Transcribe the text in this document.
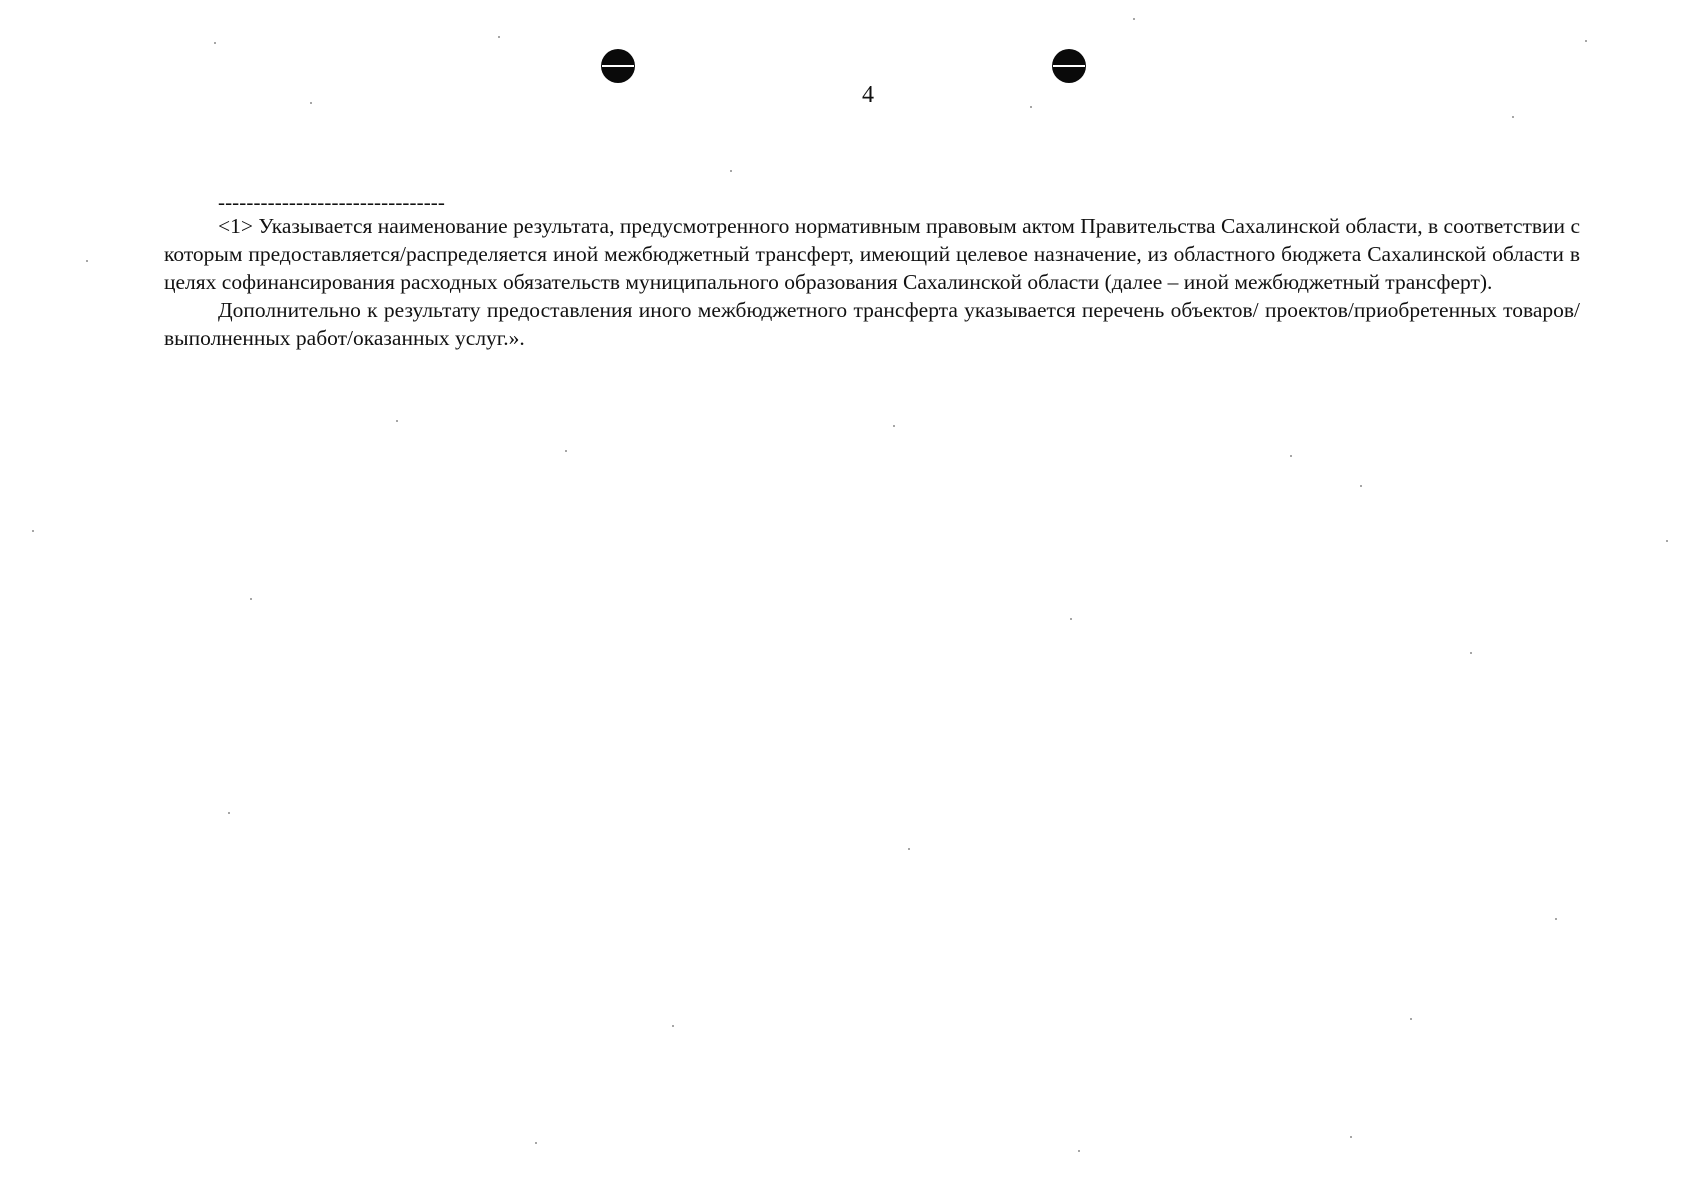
4
--------------------------------

<1> Указывается наименование результата, предусмотренного нормативным правовым актом Правительства Сахалинской области, в соответствии с которым предоставляется/распределяется иной межбюджетный трансферт, имеющий целевое назначение, из областного бюджета Сахалинской области в целях софинансирования расходных обязательств муниципального образования Сахалинской области (далее – иной межбюджетный трансферт).

Дополнительно к результату предоставления иного межбюджетного трансферта указывается перечень объектов/ проектов/приобретенных товаров/выполненных работ/оказанных услуг.».
